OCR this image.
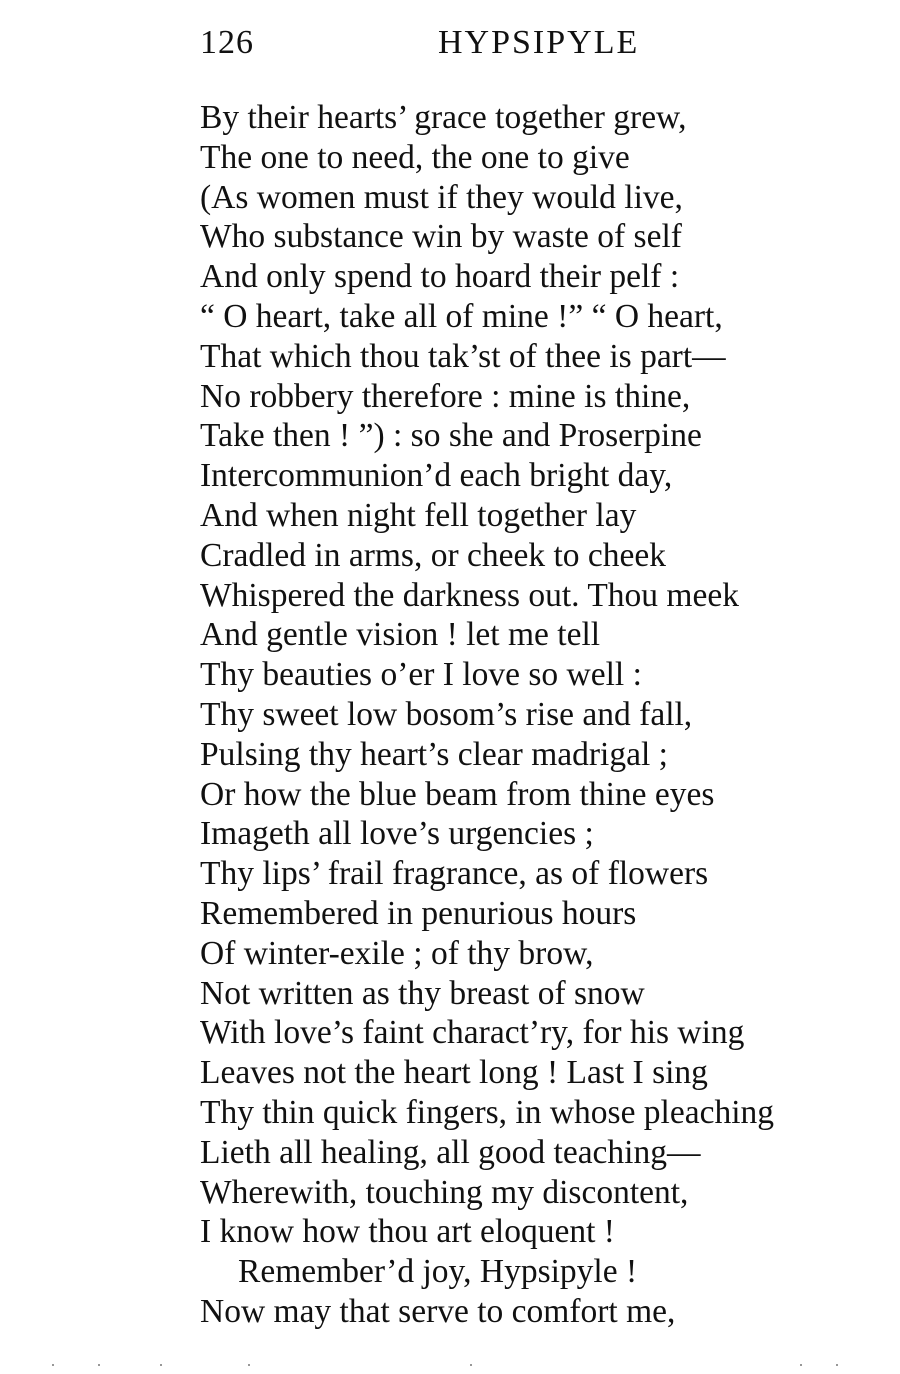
126	HYPSIPYLE
By their hearts’ grace together grew,
The one to need, the one to give
(As women must if they would live,
Who substance win by waste of self
And only spend to hoard their pelf :
“ O heart, take all of mine !” “ O heart,
That which thou tak’st of thee is part—
No robbery therefore : mine is thine,
Take then ! ”) : so she and Proserpine
Intercommunion’d each bright day,
And when night fell together lay
Cradled in arms, or cheek to cheek
Whispered the darkness out. Thou meek
And gentle vision ! let me tell
Thy beauties o’er I love so well :
Thy sweet low bosom’s rise and fall,
Pulsing thy heart’s clear madrigal ;
Or how the blue beam from thine eyes
Imageth all love’s urgencies ;
Thy lips’ frail fragrance, as of flowers
Remembered in penurious hours
Of winter-exile ; of thy brow,
Not written as thy breast of snow
With love’s faint charact’ry, for his wing
Leaves not the heart long ! Last I sing
Thy thin quick fingers, in whose pleaching
Lieth all healing, all good teaching—
Wherewith, touching my discontent,
I know how thou art eloquent !
Remember’d joy, Hypsipyle !
Now may that serve to comfort me,
